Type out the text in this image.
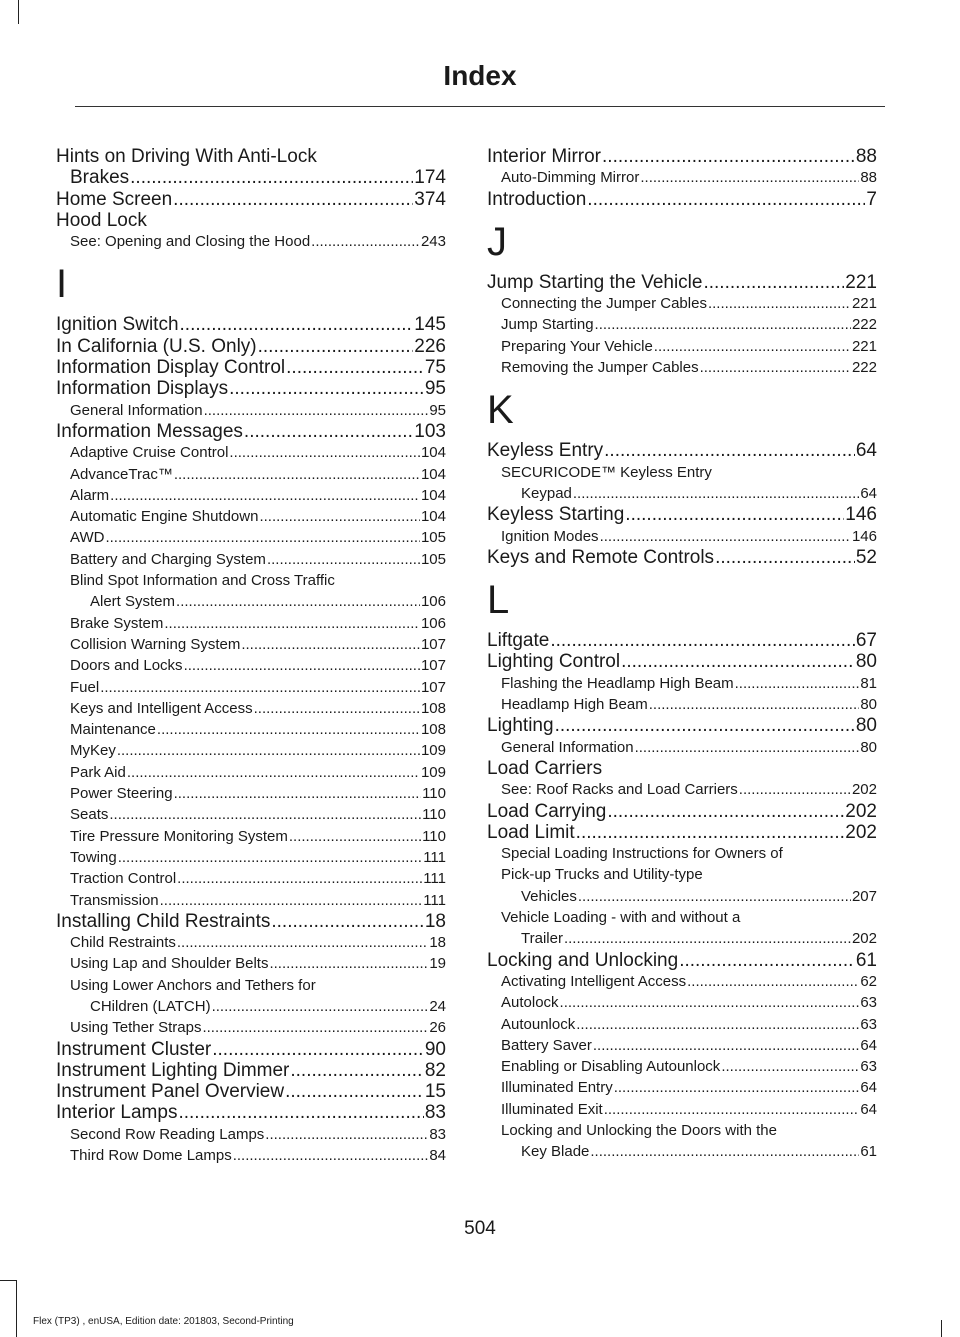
Index
Hints on Driving With Anti-Lock
Brakes .....	174
Home Screen .....	374
Hood Lock
See: Opening and Closing the Hood .....	243
I
Ignition Switch .....	145
In California (U.S. Only) .....	226
Information Display Control .....	75
Information Displays .....	95
General Information .....	95
Information Messages .....	103
Adaptive Cruise Control .....	104
AdvanceTrac™ .....	104
Alarm .....	104
Automatic Engine Shutdown .....	104
AWD .....	105
Battery and Charging System .....	105
Blind Spot Information and Cross Traffic
Alert System .....	106
Brake System .....	106
Collision Warning System .....	107
Doors and Locks .....	107
Fuel .....	107
Keys and Intelligent Access .....	108
Maintenance .....	108
MyKey .....	109
Park Aid .....	109
Power Steering .....	110
Seats .....	110
Tire Pressure Monitoring System .....	110
Towing .....	111
Traction Control .....	111
Transmission .....	111
Installing Child Restraints .....	18
Child Restraints .....	18
Using Lap and Shoulder Belts .....	19
Using Lower Anchors and Tethers for
CHildren (LATCH) .....	24
Using Tether Straps .....	26
Instrument Cluster .....	90
Instrument Lighting Dimmer .....	82
Instrument Panel Overview .....	15
Interior Lamps .....	83
Second Row Reading Lamps .....	83
Third Row Dome Lamps .....	84
Interior Mirror .....	88
Auto-Dimming Mirror .....	88
Introduction .....	7
J
Jump Starting the Vehicle .....	221
Connecting the Jumper Cables .....	221
Jump Starting .....	222
Preparing Your Vehicle .....	221
Removing the Jumper Cables .....	222
K
Keyless Entry .....	64
SECURICODE™ Keyless Entry
Keypad .....	64
Keyless Starting .....	146
Ignition Modes .....	146
Keys and Remote Controls .....	52
L
Liftgate .....	67
Lighting Control .....	80
Flashing the Headlamp High Beam .....	81
Headlamp High Beam .....	80
Lighting .....	80
General Information .....	80
Load Carriers
See: Roof Racks and Load Carriers .....	202
Load Carrying .....	202
Load Limit .....	202
Special Loading Instructions for Owners of
Pick-up Trucks and Utility-type
Vehicles .....	207
Vehicle Loading - with and without a
Trailer .....	202
Locking and Unlocking .....	61
Activating Intelligent Access .....	62
Autolock .....	63
Autounlock .....	63
Battery Saver .....	64
Enabling or Disabling Autounlock .....	63
Illuminated Entry .....	64
Illuminated Exit .....	64
Locking and Unlocking the Doors with the
Key Blade .....	61
504
Flex (TP3) , enUSA, Edition date: 201803, Second-Printing
